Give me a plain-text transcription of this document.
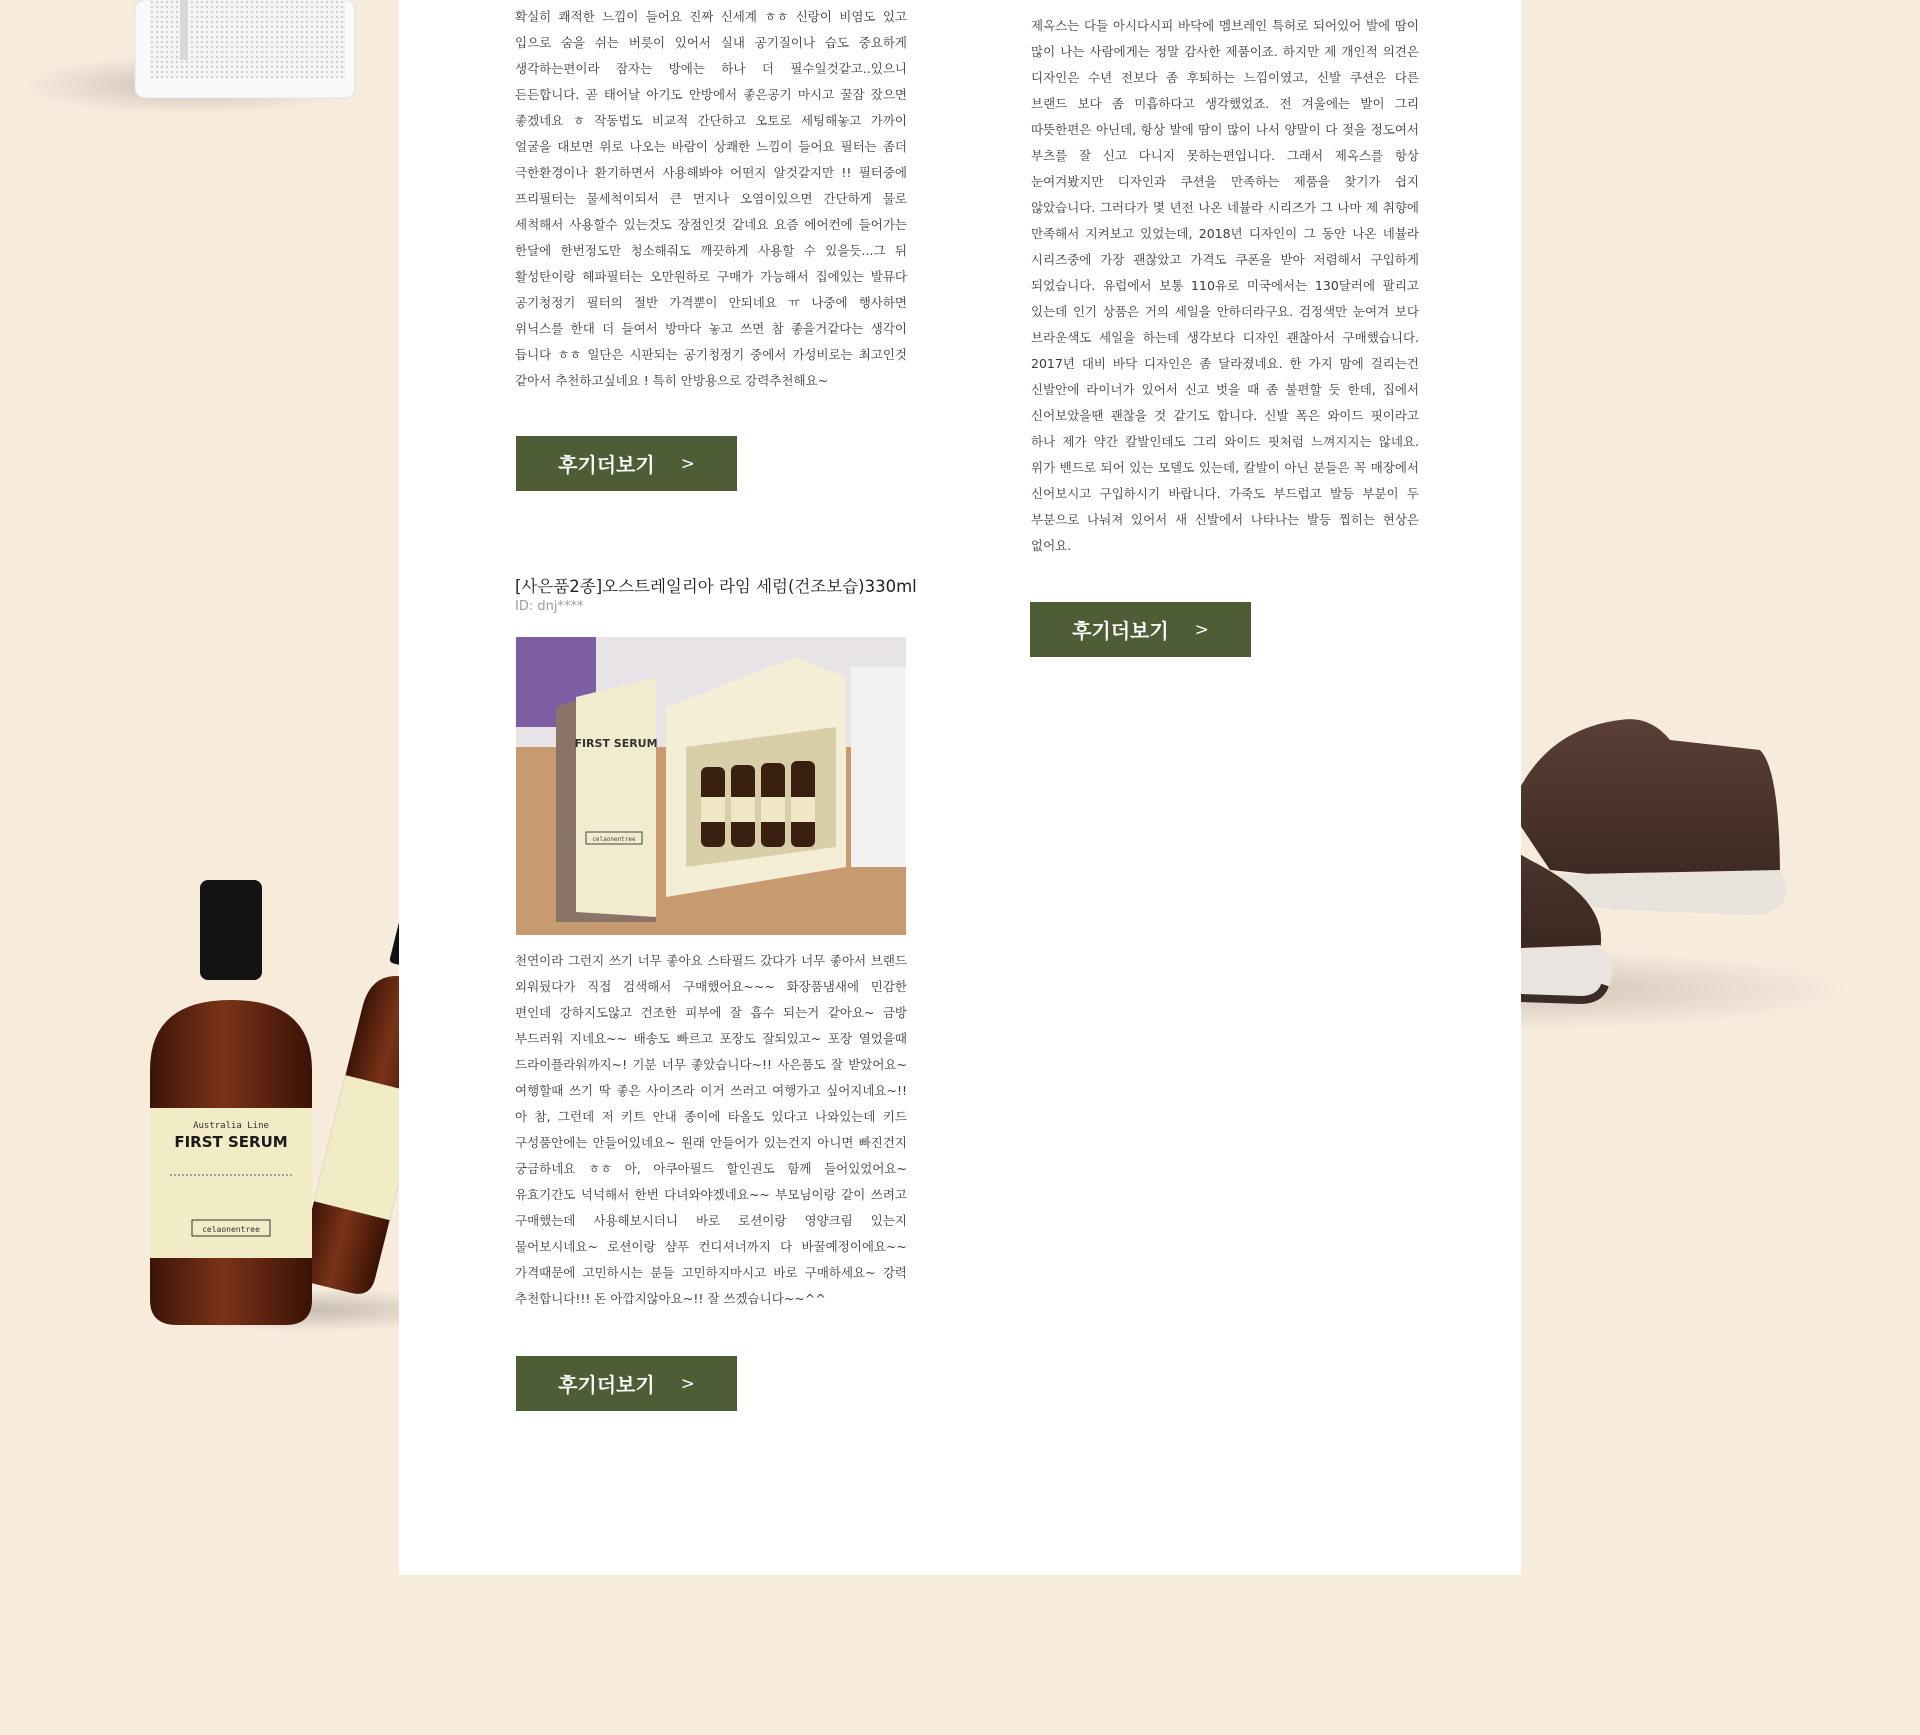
Australia Line
FIRST SERUM
celaonentree

확실히 쾌적한 느낌이 들어요 진짜 신세계 ㅎㅎ 신랑이 비염도 있고 입으로 숨을 쉬는 버릇이 있어서 실내 공기질이나 습도 중요하게 생각하는편이라 잠자는 방에는 하나 더 필수일것같고..있으니 든든합니다. 곧 태어날 아기도 안방에서 좋은공기 마시고 꿀잠 잤으면 좋겠네요 ㅎ 작동법도 비교적 간단하고 오토로 세팅해놓고 가까이 얼굴을 대보면 위로 나오는 바람이 상쾌한 느낌이 들어요 필터는 좀더 극한환경이나 환기하면서 사용해봐야 어떤지 알것같지만 !! 필터중에 프리필터는 물세척이되서 큰 먼지나 오염이있으면 간단하게 물로 세척해서 사용할수 있는것도 장점인것 같네요 요즘 에어컨에 들어가는 한달에 한번정도만 청소해줘도 깨끗하게 사용할 수 있을듯...그 뒤 활성탄이랑 헤파필터는 오만원하로 구매가 가능해서 집에있는 발뮤다 공기청정기 필터의 절반 가격뿐이 안되네요 ㅠ 나중에 행사하면 위닉스를 한대 더 들여서 방마다 놓고 쓰면 참 좋을거같다는 생각이 듭니다 ㅎㅎ 일단은 시판되는 공기청정기 중에서 가성비로는 최고인것 같아서 추천하고싶네요 ! 특히 안방용으로 강력추천해요~

후기더보기 >

제옥스는 다들 아시다시피 바닥에 멤브레인 특허로 되어있어 발에 땀이 많이 나는 사람에게는 정말 감사한 제품이죠. 하지만 제 개인적 의견은 디자인은 수년 전보다 좀 후퇴하는 느낌이였고, 신발 쿠션은 다른 브랜드 보다 좀 미흡하다고 생각했었죠. 전 겨울에는 발이 그리 따뜻한편은 아닌데, 항상 발에 땀이 많이 나서 양말이 다 젖을 정도여서 부츠를 잘 신고 다니지 못하는편입니다. 그래서 제옥스를 항상 눈여겨봤지만 디자인과 쿠션을 만족하는 제품을 찾기가 쉽지 않았습니다. 그러다가 몇 년전 나온 네뷸라 시리즈가 그 나마 제 취향에 만족해서 지켜보고 있었는데, 2018년 디자인이 그 동안 나온 네뷸라 시리즈중에 가장 괜찮았고 가격도 쿠폰을 받아 저렴해서 구입하게 되었습니다. 유럽에서 보통 110유로 미국에서는 130달러에 팔리고 있는데 인기 상품은 거의 세일을 안하더라구요. 검정색만 눈여겨 보다 브라운색도 세일을 하는데 생각보다 디자인 괜찮아서 구매했습니다. 2017년 대비 바닥 디자인은 좀 달라졌네요. 한 가지 맘에 걸리는건 신발안에 라이너가 있어서 신고 벗을 때 좀 불편할 듯 한데, 집에서 신어보았을땐 괜찮을 것 같기도 합니다. 신발 폭은 와이드 핏이라고 하나 제가 약간 칼발인데도 그리 와이드 핏처럼 느껴지지는 않네요. 위가 밴드로 되어 있는 모델도 있는데, 칼발이 아닌 분들은 꼭 매장에서 신어보시고 구입하시기 바랍니다. 가죽도 부드럽고 발등 부분이 두 부분으로 나눠져 있어서 새 신발에서 나타나는 발등 찝히는 현상은 없어요.

후기더보기 >
[사은품2종]오스트레일리아 라임 세럼(건조보습)330ml
ID: dnj****
FIRST SERUM
celaonentree

천연이라 그런지 쓰기 너무 좋아요 스타필드 갔다가 너무 좋아서 브랜드 외워뒀다가 직접 검색해서 구매했어요~~~ 화장품냄새에 민감한 편인데 강하지도않고 건조한 피부에 잘 흡수 되는거 같아요~ 금방 부드러워 지네요~~ 배송도 빠르고 포장도 잘되있고~ 포장 열었을때 드라이플라워까지~! 기분 너무 좋았습니다~!! 사은품도 잘 받았어요~ 여행할때 쓰기 딱 좋은 사이즈라 이거 쓰러고 여행가고 싶어지네요~!! 아 참, 그런데 저 키트 안내 종이에 타올도 있다고 나와있는데 키드 구성품안에는 안들어있네요~ 원래 안들어가 있는건지 아니면 빠진건지 궁금하네요 ㅎㅎ 아, 아쿠아필드 할인권도 함께 들어있었어요~ 유효기간도 넉넉해서 한번 다녀와야겠네요~~ 부모님이랑 같이 쓰려고 구매했는데 사용해보시더니 바로 로션이랑 영양크림 있는지 물어보시네요~ 로션이랑 샴푸 컨디셔너까지 다 바꿀예정이에요~~ 가격때문에 고민하시는 분들 고민하지마시고 바로 구매하세요~ 강력 추천합니다!!! 돈 아깝지않아요~!! 잘 쓰겠습니다~~^^

후기더보기 >
